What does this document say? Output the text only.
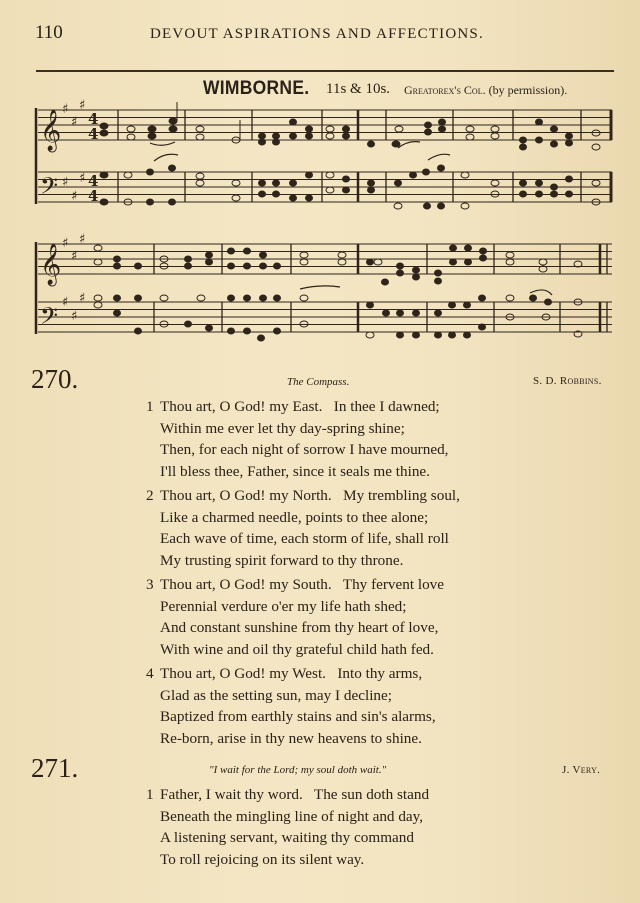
110	DEVOUT ASPIRATIONS AND AFFECTIONS.
WIMBORNE. 11s & 10s. Greatorex's Col. (by permission).
𝄞
𝄢
𝄞
𝄢
♯
♯
♯
♯
♯
♯
♯
♯
♯
♯
♯
♯
4
4
4
4
270.	The Compass.	S. D. Robbins.
1 Thou art, O God! my East.   In thee I dawned;
Within me ever let thy day-spring shine;
Then, for each night of sorrow I have mourned,
I'll bless thee, Father, since it seals me thine.
2 Thou art, O God! my North.   My trembling soul,
Like a charmed needle, points to thee alone;
Each wave of time, each storm of life, shall roll
My trusting spirit forward to thy throne.
3 Thou art, O God! my South.   Thy fervent love
Perennial verdure o'er my life hath shed;
And constant sunshine from thy heart of love,
With wine and oil thy grateful child hath fed.
4 Thou art, O God! my West.   Into thy arms,
Glad as the setting sun, may I decline;
Baptized from earthly stains and sin's alarms,
Re-born, arise in thy new heavens to shine.
271.	"I wait for the Lord; my soul doth wait."	J. Very.
1 Father, I wait thy word.   The sun doth stand
Beneath the mingling line of night and day,
A listening servant, waiting thy command
To roll rejoicing on its silent way.
